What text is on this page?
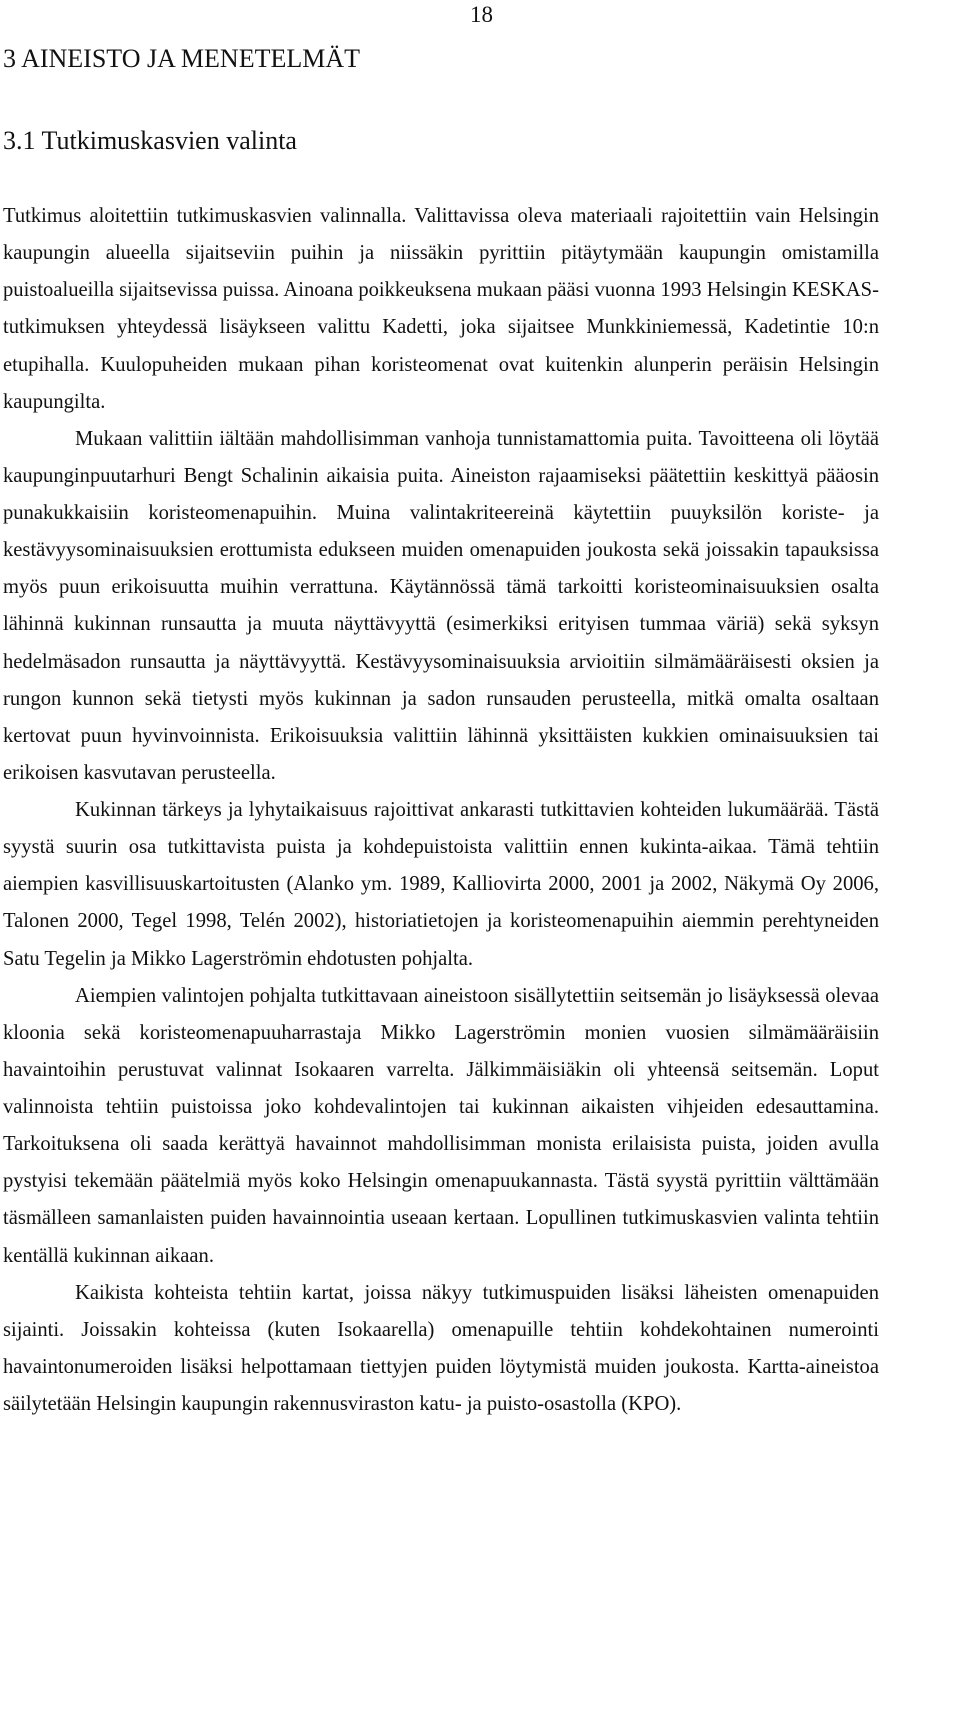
18
3 AINEISTO JA MENETELMÄT
3.1 Tutkimuskasvien valinta

Tutkimus aloitettiin tutkimuskasvien valinnalla. Valittavissa oleva materiaali rajoitettiin vain Helsingin kaupungin alueella sijaitseviin puihin ja niissäkin pyrittiin pitäytymään kaupungin omistamilla puistoalueilla sijaitsevissa puissa. Ainoana poikkeuksena mukaan pääsi vuonna 1993 Helsingin KESKAS-tutkimuksen yhteydessä lisäykseen valittu Kadetti, joka sijaitsee Munkkiniemessä, Kadetintie 10:n etupihalla. Kuulopuheiden mukaan pihan koristeomenat ovat kuitenkin alunperin peräisin Helsingin kaupungilta.

Mukaan valittiin iältään mahdollisimman vanhoja tunnistamattomia puita. Tavoitteena oli löytää kaupunginpuutarhuri Bengt Schalinin aikaisia puita. Aineiston rajaamiseksi päätettiin keskittyä pääosin punakukkaisiin koristeomenapuihin. Muina valintakriteereinä käytettiin puuyksilön koriste- ja kestävyysominaisuuksien erottumista edukseen muiden omenapuiden joukosta sekä joissakin tapauksissa myös puun erikoisuutta muihin verrattuna. Käytännössä tämä tarkoitti koristeominaisuuksien osalta lähinnä kukinnan runsautta ja muuta näyttävyyttä (esimerkiksi erityisen tummaa väriä) sekä syksyn hedelmäsadon runsautta ja näyttävyyttä. Kestävyysominaisuuksia arvioitiin silmämääräisesti oksien ja rungon kunnon sekä tietysti myös kukinnan ja sadon runsauden perusteella, mitkä omalta osaltaan kertovat puun hyvinvoinnista. Erikoisuuksia valittiin lähinnä yksittäisten kukkien ominaisuuksien tai erikoisen kasvutavan perusteella.

Kukinnan tärkeys ja lyhytaikaisuus rajoittivat ankarasti tutkittavien kohteiden lukumäärää. Tästä syystä suurin osa tutkittavista puista ja kohdepuistoista valittiin ennen kukinta-aikaa. Tämä tehtiin aiempien kasvillisuuskartoitusten (Alanko ym. 1989, Kalliovirta 2000, 2001 ja 2002, Näkymä Oy 2006, Talonen 2000, Tegel 1998, Telén 2002), historiatietojen ja koristeomenapuihin aiemmin perehtyneiden Satu Tegelin ja Mikko Lagerströmin ehdotusten pohjalta.

Aiempien valintojen pohjalta tutkittavaan aineistoon sisällytettiin seitsemän jo lisäyksessä olevaa kloonia sekä koristeomenapuuharrastaja Mikko Lagerströmin monien vuosien silmämääräisiin havaintoihin perustuvat valinnat Isokaaren varrelta. Jälkimmäisiäkin oli yhteensä seitsemän. Loput valinnoista tehtiin puistoissa joko kohdevalintojen tai kukinnan aikaisten vihjeiden edesauttamina. Tarkoituksena oli saada kerättyä havainnot mahdollisimman monista erilaisista puista, joiden avulla pystyisi tekemään päätelmiä myös koko Helsingin omenapuukannasta. Tästä syystä pyrittiin välttämään täsmälleen samanlaisten puiden havainnointia useaan kertaan. Lopullinen tutkimuskasvien valinta tehtiin kentällä kukinnan aikaan.

Kaikista kohteista tehtiin kartat, joissa näkyy tutkimuspuiden lisäksi läheisten omenapuiden sijainti. Joissakin kohteissa (kuten Isokaarella) omenapuille tehtiin kohdekohtainen numerointi havaintonumeroiden lisäksi helpottamaan tiettyjen puiden löytymistä muiden joukosta. Kartta-aineistoa säilytetään Helsingin kaupungin rakennusviraston katu- ja puisto-osastolla (KPO).
